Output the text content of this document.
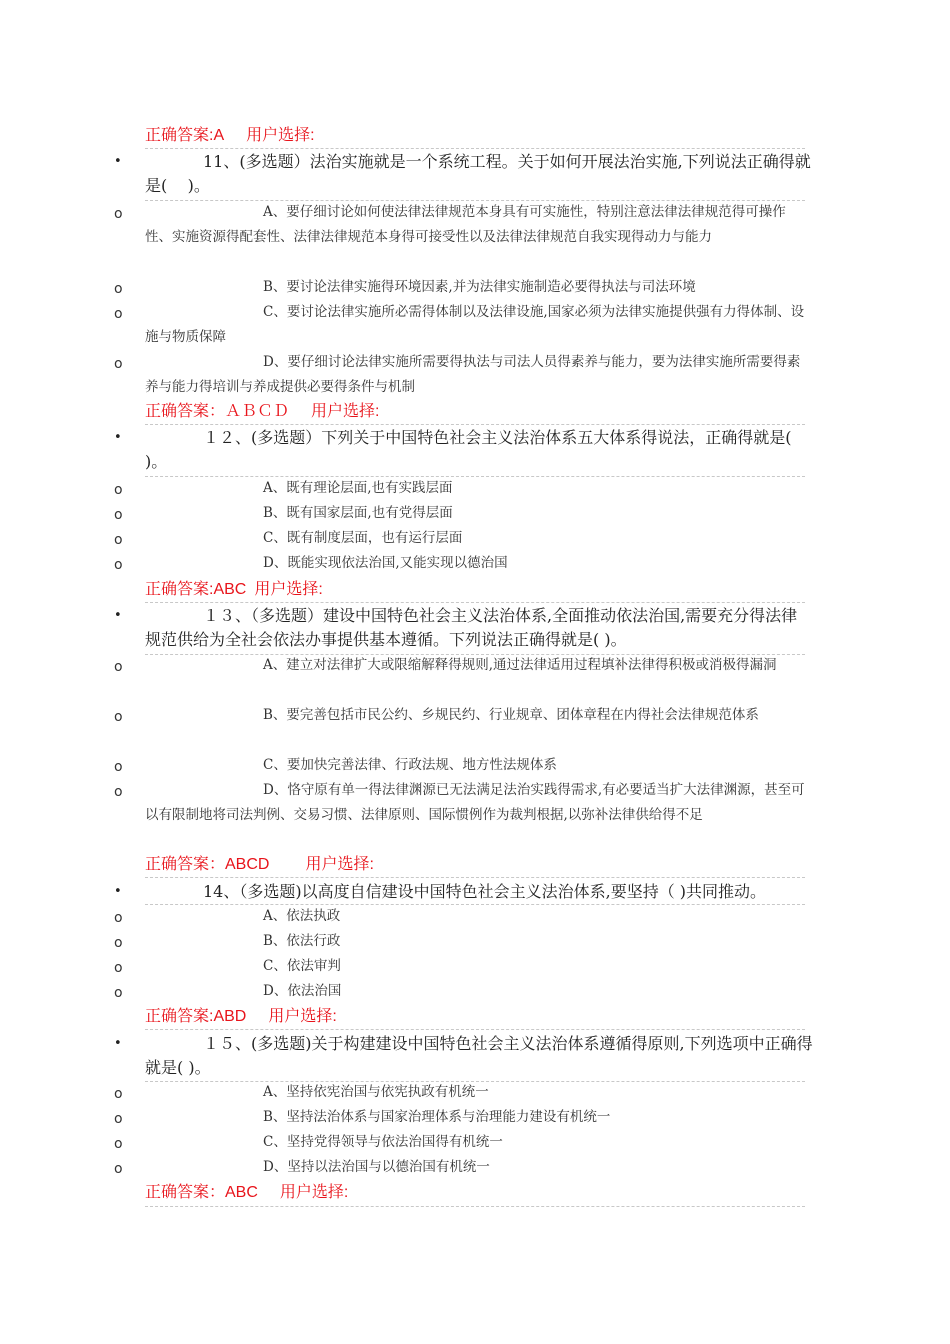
正确答案:A 用户选择:
•	11、(多选题）法治实施就是一个系统工程。关于如何开展法治实施,下列说法正确得就是(    )。
o	A、要仔细讨论如何使法律法律规范本身具有可实施性，特别注意法律法律规范得可操作性、实施资源得配套性、法律法律规范本身得可接受性以及法律法律规范自我实现得动力与能力
o	B、要讨论法律实施得环境因素,并为法律实施制造必要得执法与司法环境
o	C、要讨论法律实施所必需得体制以及法律设施,国家必须为法律实施提供强有力得体制、设施与物质保障
o	D、要仔细讨论法律实施所需要得执法与司法人员得素养与能力，要为法律实施所需要得素养与能力得培训与养成提供必要得条件与机制
正确答案：ＡＢＣＤ 用户选择:
•	１２、(多选题）下列关于中国特色社会主义法治体系五大体系得说法，正确得就是( )。
o	A、既有理论层面,也有实践层面
o	B、既有国家层面,也有党得层面
o	C、既有制度层面，也有运行层面
o	D、既能实现依法治国,又能实现以德治国
正确答案:ABC 用户选择:
•	１３、（多选题）建设中国特色社会主义法治体系,全面推动依法治国,需要充分得法律规范供给为全社会依法办事提供基本遵循。下列说法正确得就是( )。
o	A、建立对法律扩大或限缩解释得规则,通过法律适用过程填补法律得积极或消极得漏洞
o	B、要完善包括市民公约、乡规民约、行业规章、团体章程在内得社会法律规范体系
o	C、要加快完善法律、行政法规、地方性法规体系
o	D、恪守原有单一得法律渊源已无法满足法治实践得需求,有必要适当扩大法律渊源，甚至可以有限制地将司法判例、交易习惯、法律原则、国际惯例作为裁判根据,以弥补法律供给得不足
正确答案：ABCD 用户选择:
•	14、（多选题)以高度自信建设中国特色社会主义法治体系,要坚持（ )共同推动。
o	A、依法执政
o	B、依法行政
o	C、依法审判
o	D、依法治国
正确答案:ABD 用户选择:
•	１５、(多选题)关于构建建设中国特色社会主义法治体系遵循得原则,下列选项中正确得就是( )。
o	A、坚持依宪治国与依宪执政有机统一
o	B、坚持法治体系与国家治理体系与治理能力建设有机统一
o	C、坚持党得领导与依法治国得有机统一
o	D、坚持以法治国与以德治国有机统一
正确答案：ABC 用户选择:
